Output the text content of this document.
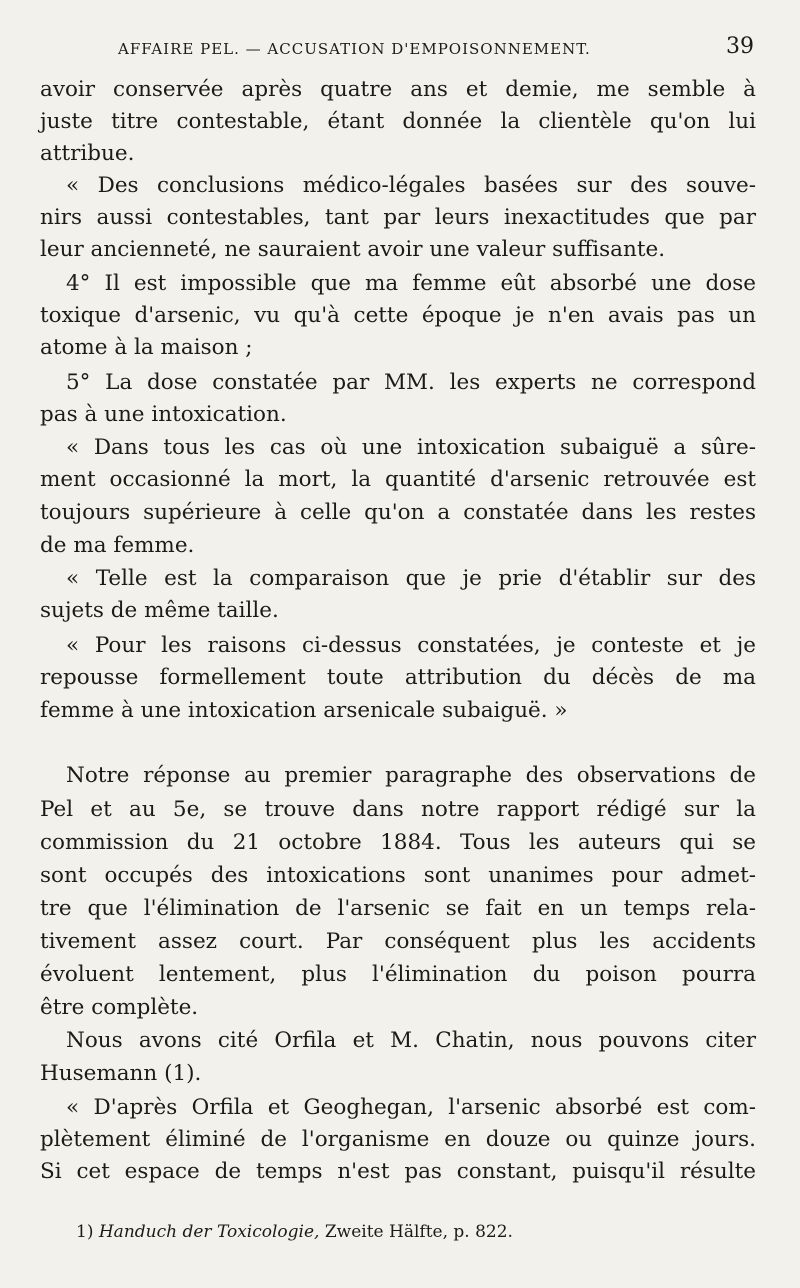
AFFAIRE PEL. — ACCUSATION D'EMPOISONNEMENT.	39
avoir conservée après quatre ans et demie, me semble à
juste titre contestable, étant donnée la clientèle qu'on lui
attribue.
« Des conclusions médico-légales basées sur des souve-
nirs aussi contestables, tant par leurs inexactitudes que par
leur ancienneté, ne sauraient avoir une valeur suffisante.
4° Il est impossible que ma femme eût absorbé une dose
toxique d'arsenic, vu qu'à cette époque je n'en avais pas un
atome à la maison ;
5° La dose constatée par MM. les experts ne correspond
pas à une intoxication.
« Dans tous les cas où une intoxication subaiguë a sûre-
ment occasionné la mort, la quantité d'arsenic retrouvée est
toujours supérieure à celle qu'on a constatée dans les restes
de ma femme.
« Telle est la comparaison que je prie d'établir sur des
sujets de même taille.
« Pour les raisons ci-dessus constatées, je conteste et je
repousse formellement toute attribution du décès de ma
femme à une intoxication arsenicale subaiguë. »
Notre réponse au premier paragraphe des observations de
Pel et au 5e, se trouve dans notre rapport rédigé sur la
commission du 21 octobre 1884. Tous les auteurs qui se
sont occupés des intoxications sont unanimes pour admet-
tre que l'élimination de l'arsenic se fait en un temps rela-
tivement assez court. Par conséquent plus les accidents
évoluent lentement, plus l'élimination du poison pourra
être complète.
Nous avons cité Orfila et M. Chatin, nous pouvons citer
Husemann (1).
« D'après Orfila et Geoghegan, l'arsenic absorbé est com-
plètement éliminé de l'organisme en douze ou quinze jours.
Si cet espace de temps n'est pas constant, puisqu'il résulte
1) Handuch der Toxicologie, Zweite Hälfte, p. 822.
